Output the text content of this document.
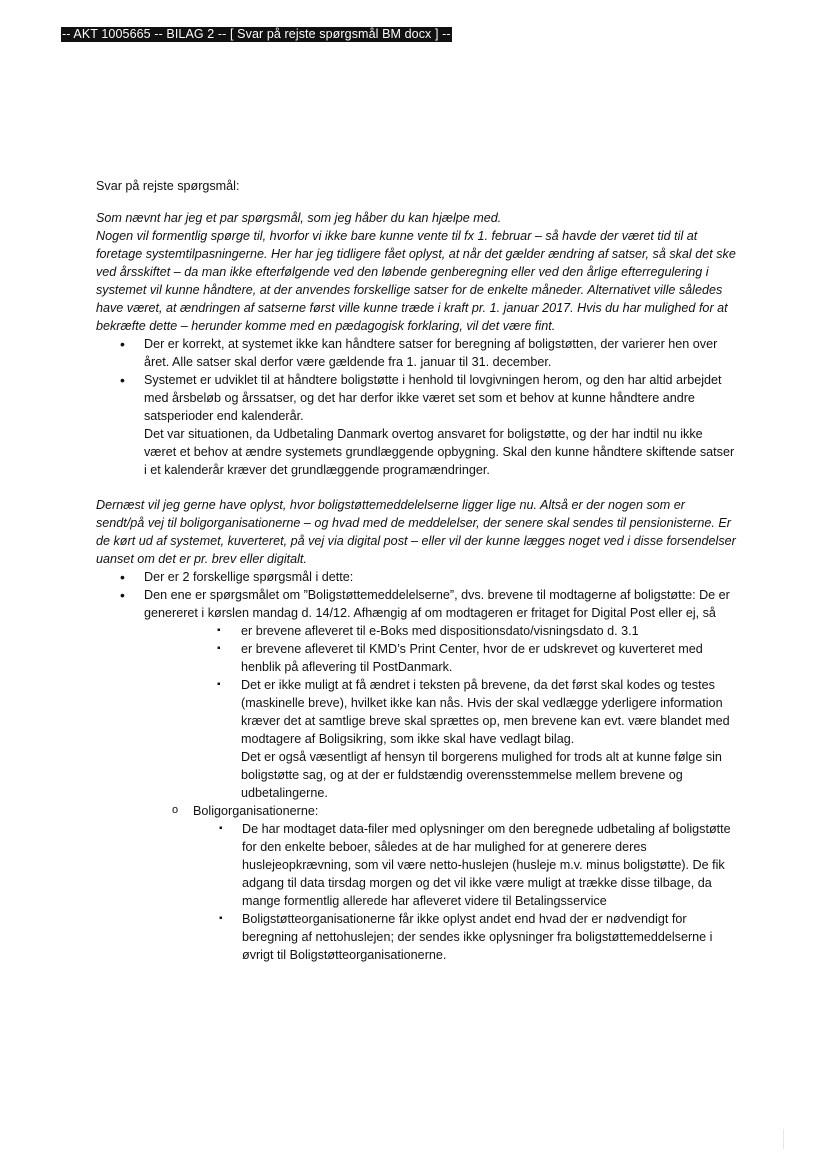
-- AKT 1005665 -- BILAG 2 -- [ Svar på rejste spørgsmål BM docx ] --

Svar på rejste spørgsmål:

Som nævnt har jeg et par spørgsmål, som jeg håber du kan hjælpe med.

Nogen vil formentlig spørge til, hvorfor vi ikke bare kunne vente til fx 1. februar – så havde der været tid til at foretage systemtilpasningerne. Her har jeg tidligere fået oplyst, at når det gælder ændring af satser, så skal det ske ved årsskiftet – da man ikke efterfølgende ved den løbende genberegning eller ved den årlige efterregulering i systemet vil kunne håndtere, at der anvendes forskellige satser for de enkelte måneder. Alternativet ville således have været, at ændringen af satserne først ville kunne træde i kraft pr. 1. januar 2017. Hvis du har mulighed for at bekræfte dette – herunder komme med en pædagogisk forklaring, vil det være fint.

• Der er korrekt, at systemet ikke kan håndtere satser for beregning af boligstøtten, der varierer hen over året. Alle satser skal derfor være gældende fra 1. januar til 31. december.
• Systemet er udviklet til at håndtere boligstøtte i henhold til lovgivningen herom, og den har altid arbejdet med årsbeløb og årssatser, og det har derfor ikke været set som et behov at kunne håndtere andre satsperioder end kalenderår.
Det var situationen, da Udbetaling Danmark overtog ansvaret for boligstøtte, og der har indtil nu ikke været et behov at ændre systemets grundlæggende opbygning. Skal den kunne håndtere skiftende satser i et kalenderår kræver det grundlæggende programændringer.

Dernæst vil jeg gerne have oplyst, hvor boligstøttemeddelelserne ligger lige nu. Altså er der nogen som er sendt/på vej til boligorganisationerne – og hvad med de meddelelser, der senere skal sendes til pensionisterne. Er de kørt ud af systemet, kuverteret, på vej via digital post – eller vil der kunne lægges noget ved i disse forsendelser uanset om det er pr. brev eller digitalt.

• Der er 2 forskellige spørgsmål i dette:
• Den ene er spørgsmålet om ”Boligstøttemeddelelserne”, dvs. brevene til modtagerne af boligstøtte: De er genereret i kørslen mandag d. 14/12. Afhængig af om modtageren er fritaget for Digital Post eller ej, så
▪ er brevene afleveret til e-Boks med dispositionsdato/visningsdato d. 3.1
▪ er brevene afleveret til KMD’s Print Center, hvor de er udskrevet og kuverteret med henblik på aflevering til PostDanmark.
▪ Det er ikke muligt at få ændret i teksten på brevene, da det først skal kodes og testes (maskinelle breve), hvilket ikke kan nås. Hvis der skal vedlægge yderligere information kræver det at samtlige breve skal sprættes op, men brevene kan evt. være blandet med modtagere af Boligsikring, som ikke skal have vedlagt bilag.
Det er også væsentligt af hensyn til borgerens mulighed for trods alt at kunne følge sin boligstøtte sag, og at der er fuldstændig overensstemmelse mellem brevene og udbetalingerne.
o Boligorganisationerne:
▪ De har modtaget data-filer med oplysninger om den beregnede udbetaling af boligstøtte for den enkelte beboer, således at de har mulighed for at generere deres huslejeopkrævning, som vil være netto-huslejen (husleje m.v. minus boligstøtte). De fik adgang til data tirsdag morgen og det vil ikke være muligt at trække disse tilbage, da mange formentlig allerede har afleveret videre til Betalingsservice
▪ Boligstøtteorganisationerne får ikke oplyst andet end hvad der er nødvendigt for beregning af nettohuslejen; der sendes ikke oplysninger fra boligstøttemeddelserne i øvrigt til Boligstøtteorganisationerne.
